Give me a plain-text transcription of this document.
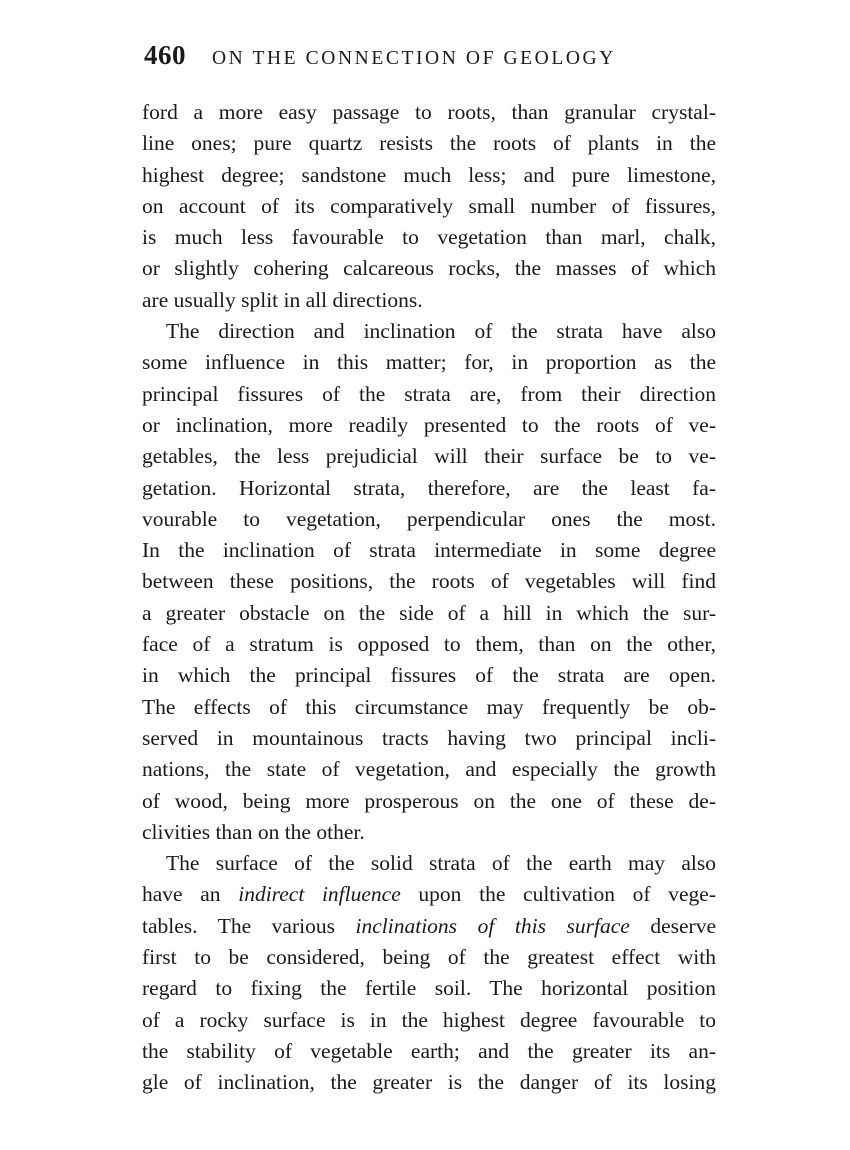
460 ON THE CONNECTION OF GEOLOGY
ford a more easy passage to roots, than granular crystal-
line ones; pure quartz resists the roots of plants in the
highest degree; sandstone much less; and pure limestone,
on account of its comparatively small number of fissures,
is much less favourable to vegetation than marl, chalk,
or slightly cohering calcareous rocks, the masses of which
are usually split in all directions.
The direction and inclination of the strata have also
some influence in this matter; for, in proportion as the
principal fissures of the strata are, from their direction
or inclination, more readily presented to the roots of ve-
getables, the less prejudicial will their surface be to ve-
getation. Horizontal strata, therefore, are the least fa-
vourable to vegetation, perpendicular ones the most.
In the inclination of strata intermediate in some degree
between these positions, the roots of vegetables will find
a greater obstacle on the side of a hill in which the sur-
face of a stratum is opposed to them, than on the other,
in which the principal fissures of the strata are open.
The effects of this circumstance may frequently be ob-
served in mountainous tracts having two principal incli-
nations, the state of vegetation, and especially the growth
of wood, being more prosperous on the one of these de-
clivities than on the other.
The surface of the solid strata of the earth may also
have an indirect influence upon the cultivation of vege-
tables. The various inclinations of this surface deserve
first to be considered, being of the greatest effect with
regard to fixing the fertile soil. The horizontal position
of a rocky surface is in the highest degree favourable to
the stability of vegetable earth; and the greater its an-
gle of inclination, the greater is the danger of its losing
